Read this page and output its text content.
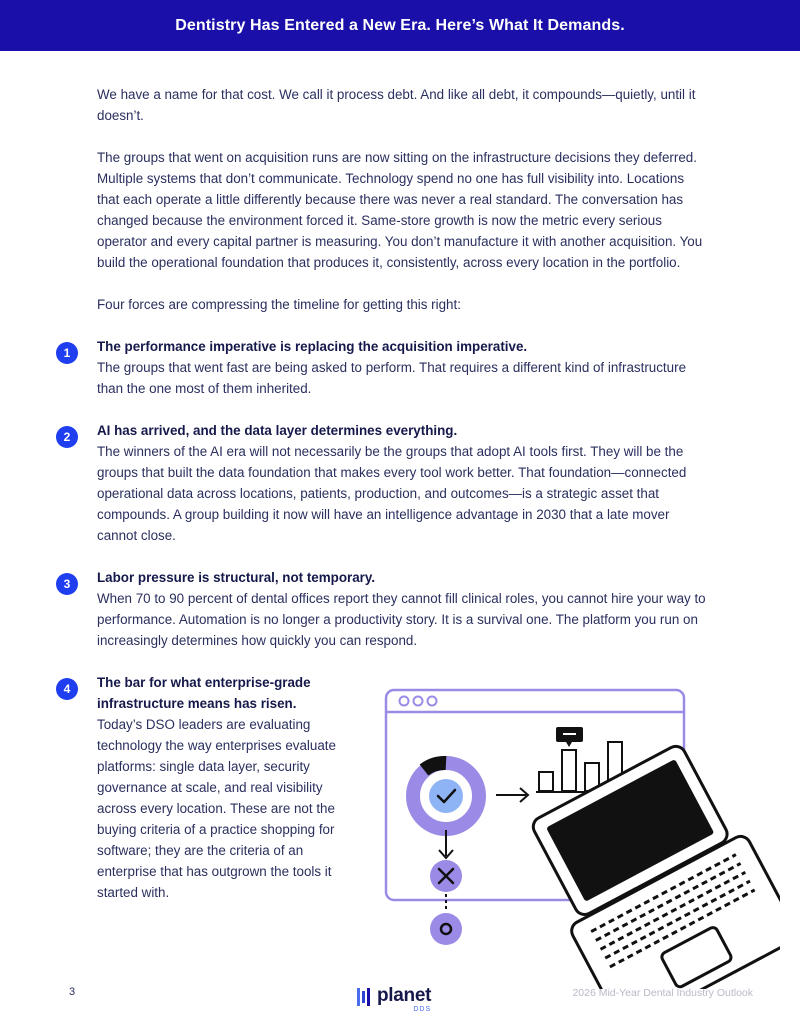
Dentistry Has Entered a New Era. Here’s What It Demands.

We have a name for that cost. We call it process debt. And like all debt, it compounds—quietly, until it doesn’t.

The groups that went on acquisition runs are now sitting on the infrastructure decisions they deferred. Multiple systems that don’t communicate. Technology spend no one has full visibility into. Locations that each operate a little differently because there was never a real standard. The conversation has changed because the environment forced it. Same-store growth is now the metric every serious operator and every capital partner is measuring. You don’t manufacture it with another acquisition. You build the operational foundation that produces it, consistently, across every location in the portfolio.

Four forces are compressing the timeline for getting this right:

1	The performance imperative is replacing the acquisition imperative.
The groups that went fast are being asked to perform. That requires a different kind of infrastructure than the one most of them inherited.
2	AI has arrived, and the data layer determines everything.
The winners of the AI era will not necessarily be the groups that adopt AI tools first. They will be the groups that built the data foundation that makes every tool work better. That foundation—connected operational data across locations, patients, production, and outcomes—is a strategic asset that compounds. A group building it now will have an intelligence advantage in 2030 that a late mover cannot close.
3	Labor pressure is structural, not temporary.
When 70 to 90 percent of dental offices report they cannot fill clinical roles, you cannot hire your way to performance. Automation is no longer a productivity story. It is a survival one. The platform you run on increasingly determines how quickly you can respond.
4	The bar for what enterprise-grade infrastructure means has risen.
Today’s DSO leaders are evaluating technology the way enterprises evaluate platforms: single data layer, security governance at scale, and real visibility across every location. These are not the buying criteria of a practice shopping for software; they are the criteria of an enterprise that has outgrown the tools it started with.
3	planet
DDS
2026 Mid-Year Dental Industry Outlook
